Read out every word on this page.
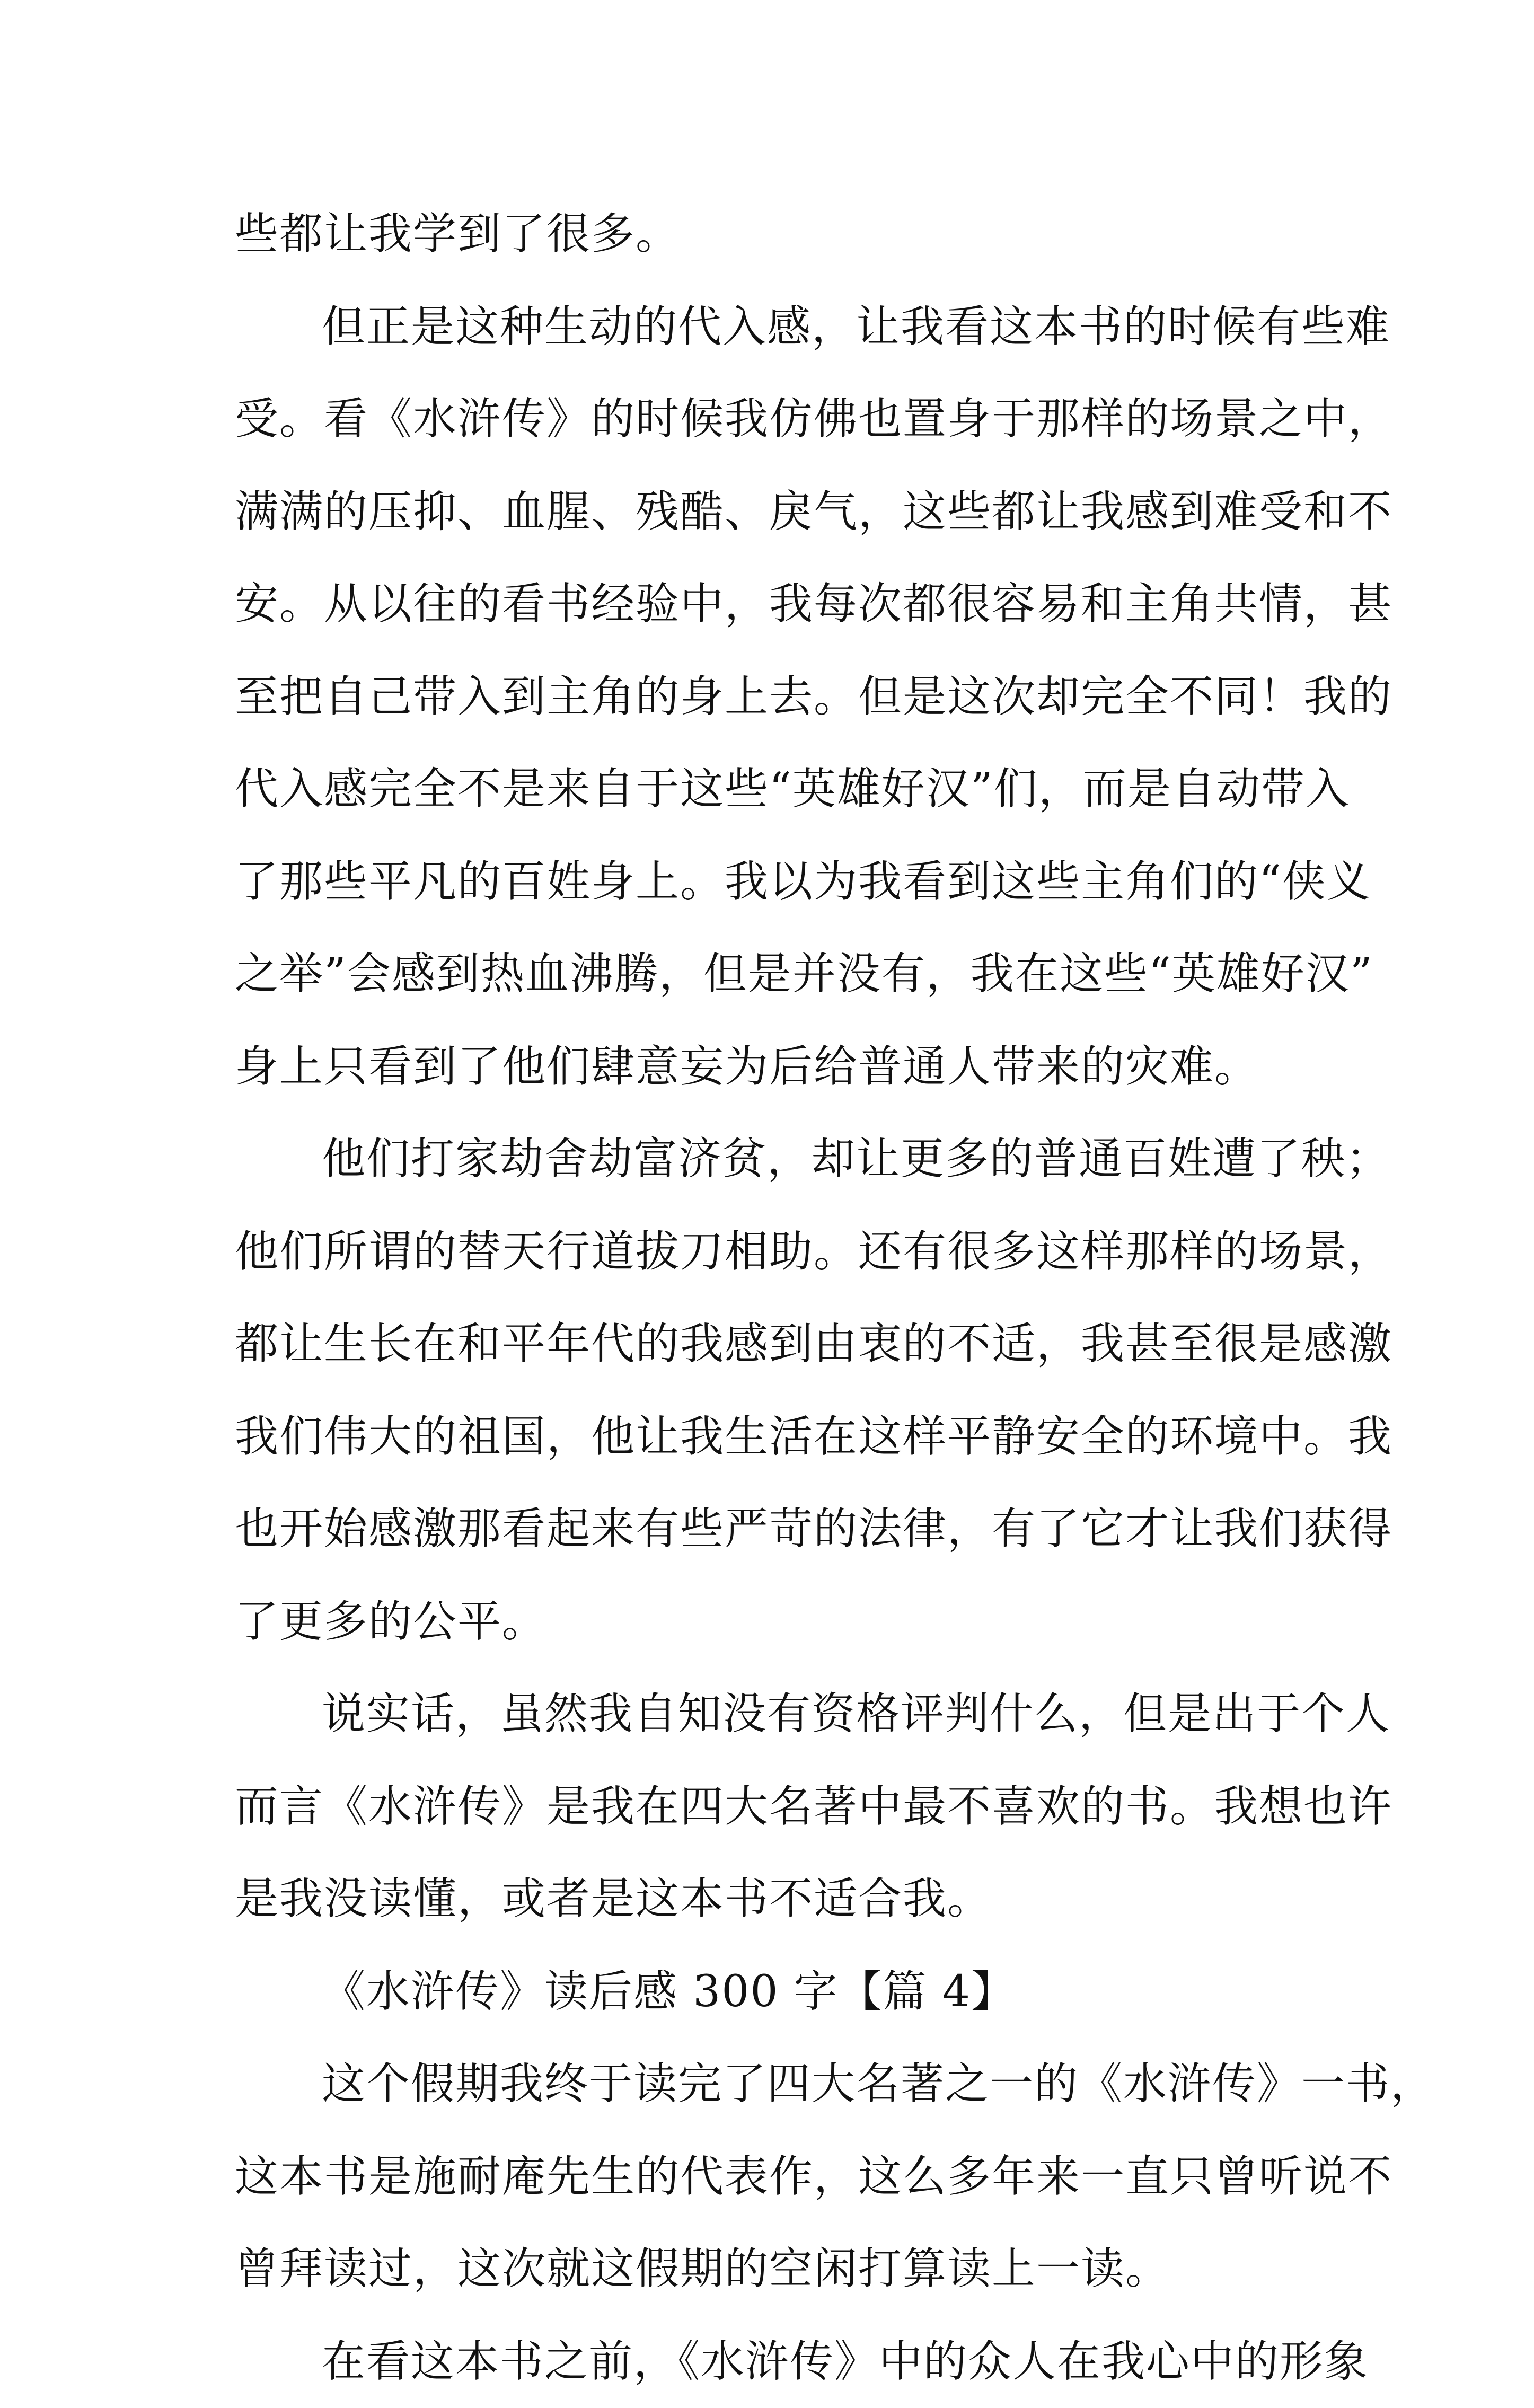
些都让我学到了很多。
但正是这种生动的代入感，让我看这本书的时候有些难
受。看《水浒传》的时候我仿佛也置身于那样的场景之中，
满满的压抑、血腥、残酷、戾气，这些都让我感到难受和不
安。从以往的看书经验中，我每次都很容易和主角共情，甚
至把自己带入到主角的身上去。但是这次却完全不同！我的
代入感完全不是来自于这些“英雄好汉”们，而是自动带入
了那些平凡的百姓身上。我以为我看到这些主角们的“侠义
之举”会感到热血沸腾，但是并没有，我在这些“英雄好汉”
身上只看到了他们肆意妄为后给普通人带来的灾难。
他们打家劫舍劫富济贫，却让更多的普通百姓遭了秧；
他们所谓的替天行道拔刀相助。还有很多这样那样的场景，
都让生长在和平年代的我感到由衷的不适，我甚至很是感激
我们伟大的祖国，他让我生活在这样平静安全的环境中。我
也开始感激那看起来有些严苛的法律，有了它才让我们获得
了更多的公平。
说实话，虽然我自知没有资格评判什么，但是出于个人
而言《水浒传》是我在四大名著中最不喜欢的书。我想也许
是我没读懂，或者是这本书不适合我。
《水浒传》读后感 300 字【篇 4】
这个假期我终于读完了四大名著之一的《水浒传》一书，
这本书是施耐庵先生的代表作，这么多年来一直只曾听说不
曾拜读过，这次就这假期的空闲打算读上一读。
在看这本书之前，《水浒传》中的众人在我心中的形象
